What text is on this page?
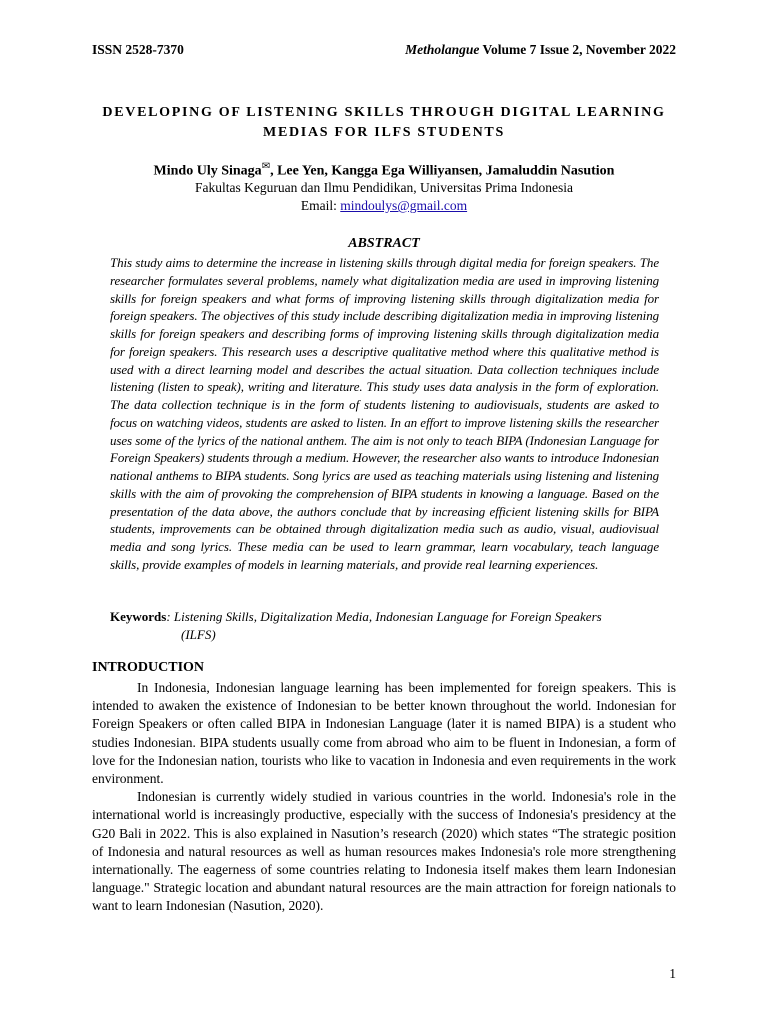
ISSN 2528-7370	Metholangue Volume 7 Issue 2, November 2022
DEVELOPING OF LISTENING SKILLS THROUGH DIGITAL LEARNING MEDIAS FOR ILFS STUDENTS
Mindo Uly Sinaga✉, Lee Yen, Kangga Ega Williyansen, Jamaluddin Nasution
Fakultas Keguruan dan Ilmu Pendidikan, Universitas Prima Indonesia
Email: mindoulys@gmail.com
ABSTRACT
This study aims to determine the increase in listening skills through digital media for foreign speakers. The researcher formulates several problems, namely what digitalization media are used in improving listening skills for foreign speakers and what forms of improving listening skills through digitalization media for foreign speakers. The objectives of this study include describing digitalization media in improving listening skills for foreign speakers and describing forms of improving listening skills through digitalization media for foreign speakers. This research uses a descriptive qualitative method where this qualitative method is used with a direct learning model and describes the actual situation. Data collection techniques include listening (listen to speak), writing and literature. This study uses data analysis in the form of exploration. The data collection technique is in the form of students listening to audiovisuals, students are asked to focus on watching videos, students are asked to listen. In an effort to improve listening skills the researcher uses some of the lyrics of the national anthem. The aim is not only to teach BIPA (Indonesian Language for Foreign Speakers) students through a medium. However, the researcher also wants to introduce Indonesian national anthems to BIPA students. Song lyrics are used as teaching materials using listening and listening skills with the aim of provoking the comprehension of BIPA students in knowing a language. Based on the presentation of the data above, the authors conclude that by increasing efficient listening skills for BIPA students, improvements can be obtained through digitalization media such as audio, visual, audiovisual media and song lyrics. These media can be used to learn grammar, learn vocabulary, teach language skills, provide examples of models in learning materials, and provide real learning experiences.
Keywords: Listening Skills, Digitalization Media, Indonesian Language for Foreign Speakers
(ILFS)
INTRODUCTION

In Indonesia, Indonesian language learning has been implemented for foreign speakers. This is intended to awaken the existence of Indonesian to be better known throughout the world. Indonesian for Foreign Speakers or often called BIPA in Indonesian Language (later it is named BIPA) is a student who studies Indonesian. BIPA students usually come from abroad who aim to be fluent in Indonesian, a form of love for the Indonesian nation, tourists who like to vacation in Indonesia and even requirements in the work environment.

Indonesian is currently widely studied in various countries in the world. Indonesia's role in the international world is increasingly productive, especially with the success of Indonesia's presidency at the G20 Bali in 2022. This is also explained in Nasution’s research (2020) which states “The strategic position of Indonesia and natural resources as well as human resources makes Indonesia's role more strengthening internationally. The eagerness of some countries relating to Indonesia itself makes them learn Indonesian language." Strategic location and abundant natural resources are the main attraction for foreign nationals to want to learn Indonesian (Nasution, 2020).

1
